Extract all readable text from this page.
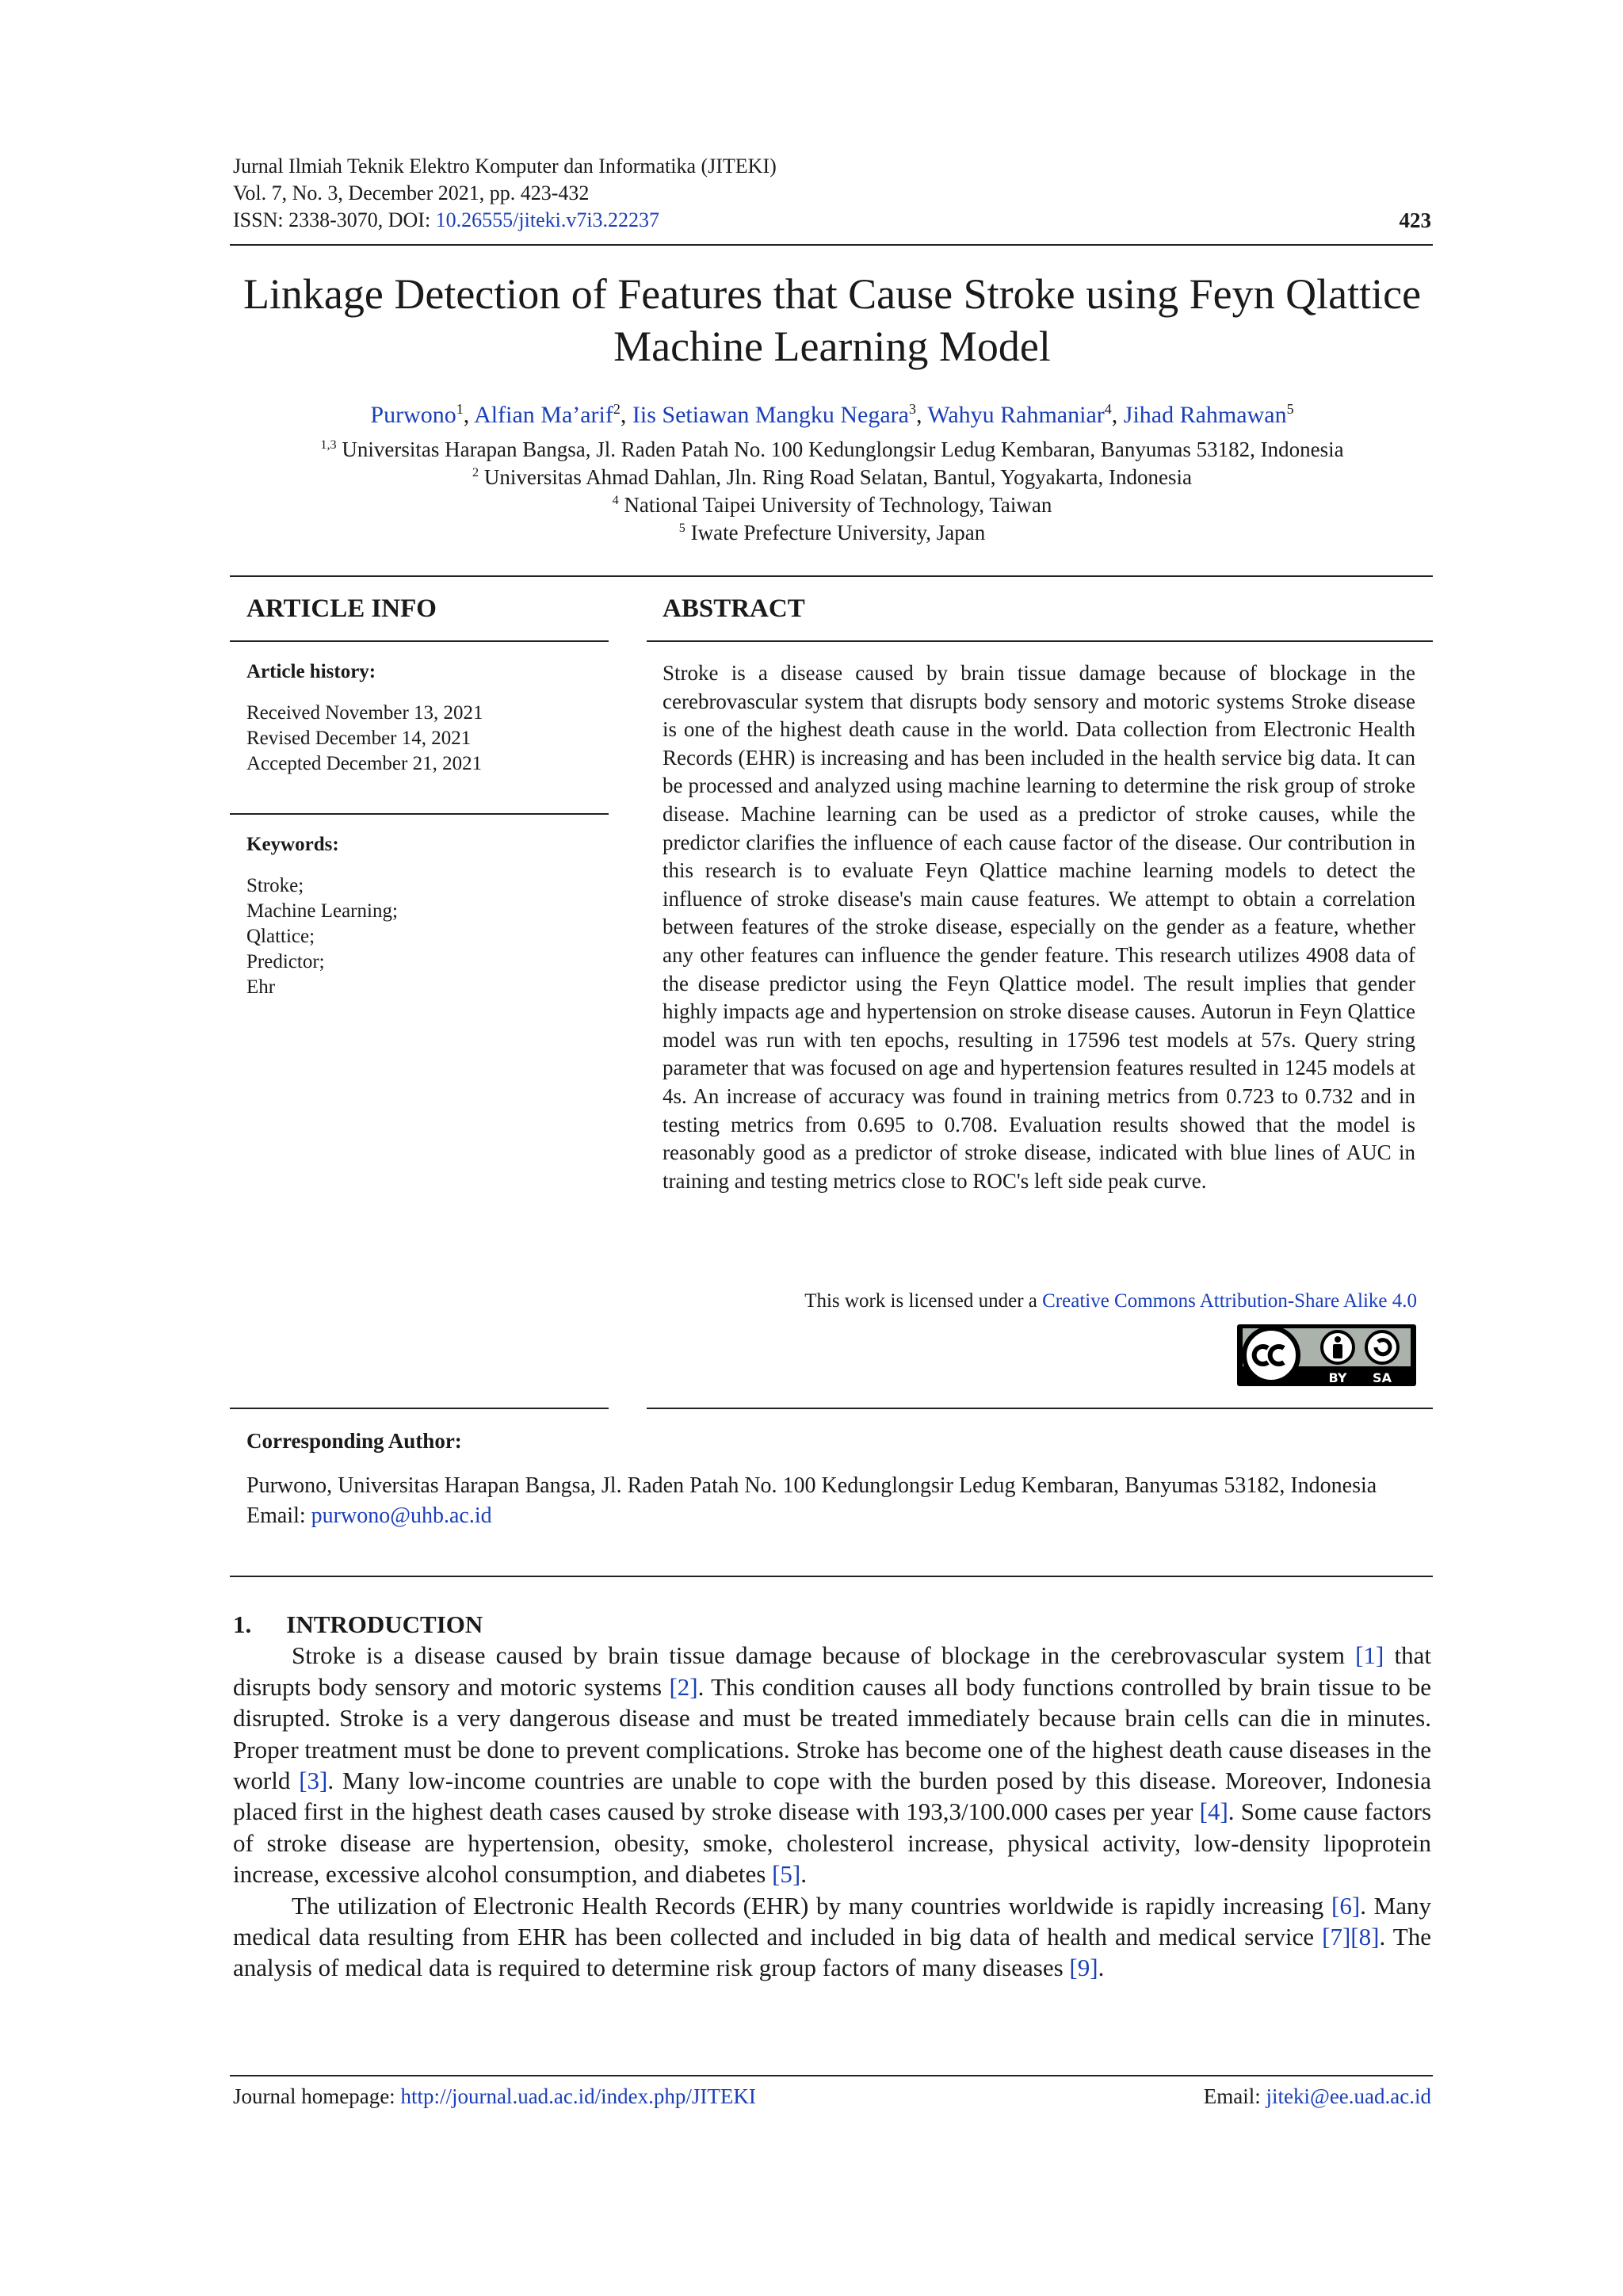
Jurnal Ilmiah Teknik Elektro Komputer dan Informatika (JITEKI)
Vol. 7, No. 3, December 2021, pp. 423-432
ISSN: 2338-3070, DOI: 10.26555/jiteki.v7i3.22237	423
Linkage Detection of Features that Cause Stroke using Feyn Qlattice Machine Learning Model
Purwono$^1$, Alfian Ma’arif$^2$, Iis Setiawan Mangku Negara$^3$, Wahyu Rahmaniar$^4$, Jihad Rahmawan$^5$
$^{1,3}$ Universitas Harapan Bangsa, Jl. Raden Patah No. 100 Kedunglongsir Ledug Kembaran, Banyumas 53182, Indonesia
$^2$ Universitas Ahmad Dahlan, Jln. Ring Road Selatan, Bantul, Yogyakarta, Indonesia
$^4$ National Taipei University of Technology, Taiwan
$^5$ Iwate Prefecture University, Japan
ARTICLE INFO	ABSTRACT
Article history:
Received November 13, 2021
Revised December 14, 2021
Accepted December 21, 2021
Keywords:
Stroke;
Machine Learning;
Qlattice;
Predictor;
Ehr
Stroke is a disease caused by brain tissue damage because of blockage in the cerebrovascular system that disrupts body sensory and motoric systems Stroke disease is one of the highest death cause in the world. Data collection from Electronic Health Records (EHR) is increasing and has been included in the health service big data. It can be processed and analyzed using machine learning to determine the risk group of stroke disease. Machine learning can be used as a predictor of stroke causes, while the predictor clarifies the influence of each cause factor of the disease. Our contribution in this research is to evaluate Feyn Qlattice machine learning models to detect the influence of stroke disease's main cause features. We attempt to obtain a correlation between features of the stroke disease, especially on the gender as a feature, whether any other features can influence the gender feature. This research utilizes 4908 data of the disease predictor using the Feyn Qlattice model. The result implies that gender highly impacts age and hypertension on stroke disease causes. Autorun in Feyn Qlattice model was run with ten epochs, resulting in 17596 test models at 57s. Query string parameter that was focused on age and hypertension features resulted in 1245 models at 4s. An increase of accuracy was found in training metrics from 0.723 to 0.732 and in testing metrics from 0.695 to 0.708. Evaluation results showed that the model is reasonably good as a predictor of stroke disease, indicated with blue lines of AUC in training and testing metrics close to ROC's left side peak curve.
This work is licensed under a Creative Commons Attribution-Share Alike 4.0
BY SA
Corresponding Author:
Purwono, Universitas Harapan Bangsa, Jl. Raden Patah No. 100 Kedunglongsir Ledug Kembaran, Banyumas 53182, Indonesia
Email: purwono@uhb.ac.id
1. INTRODUCTION

Stroke is a disease caused by brain tissue damage because of blockage in the cerebrovascular system [1] that disrupts body sensory and motoric systems [2]. This condition causes all body functions controlled by brain tissue to be disrupted. Stroke is a very dangerous disease and must be treated immediately because brain cells can die in minutes. Proper treatment must be done to prevent complications. Stroke has become one of the highest death cause diseases in the world [3]. Many low-income countries are unable to cope with the burden posed by this disease. Moreover, Indonesia placed first in the highest death cases caused by stroke disease with 193,3/100.000 cases per year [4]. Some cause factors of stroke disease are hypertension, obesity, smoke, cholesterol increase, physical activity, low-density lipoprotein increase, excessive alcohol consumption, and diabetes [5].

The utilization of Electronic Health Records (EHR) by many countries worldwide is rapidly increasing [6]. Many medical data resulting from EHR has been collected and included in big data of health and medical service [7][8]. The analysis of medical data is required to determine risk group factors of many diseases [9].

Journal homepage: http://journal.uad.ac.id/index.php/JITEKI	Email: jiteki@ee.uad.ac.id
